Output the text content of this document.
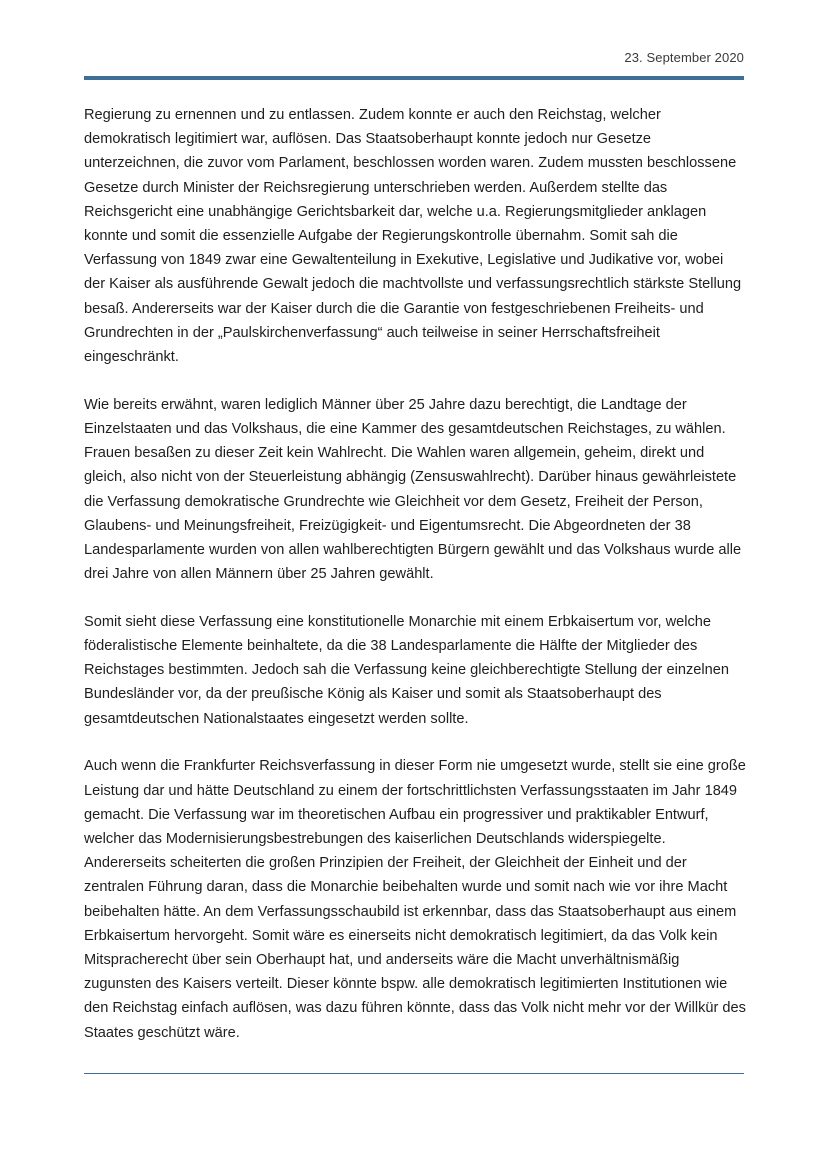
23. September 2020

Regierung zu ernennen und zu entlassen. Zudem konnte er auch den Reichstag, welcher demokratisch legitimiert war, auflösen. Das Staatsoberhaupt konnte jedoch nur Gesetze unterzeichnen, die zuvor vom Parlament, beschlossen worden waren. Zudem mussten beschlossene Gesetze durch Minister der Reichsregierung unterschrieben werden. Außerdem stellte das Reichsgericht eine unabhängige Gerichtsbarkeit dar, welche u.a. Regierungsmitglieder anklagen konnte und somit die essenzielle Aufgabe der Regierungskontrolle übernahm. Somit sah die Verfassung von 1849 zwar eine Gewaltenteilung in Exekutive, Legislative und Judikative vor, wobei der Kaiser als ausführende Gewalt jedoch die machtvollste und verfassungsrechtlich stärkste Stellung besaß. Andererseits war der Kaiser durch die die Garantie von festgeschriebenen Freiheits- und Grundrechten in der „Paulskirchenverfassung“ auch teilweise in seiner Herrschaftsfreiheit eingeschränkt.

Wie bereits erwähnt, waren lediglich Männer über 25 Jahre dazu berechtigt, die Landtage der Einzelstaaten und das Volkshaus, die eine Kammer des gesamtdeutschen Reichstages, zu wählen. Frauen besaßen zu dieser Zeit kein Wahlrecht. Die Wahlen waren allgemein, geheim, direkt und gleich, also nicht von der Steuerleistung abhängig (Zensuswahlrecht). Darüber hinaus gewährleistete die Verfassung demokratische Grundrechte wie Gleichheit vor dem Gesetz, Freiheit der Person, Glaubens- und Meinungsfreiheit, Freizügigkeit- und Eigentumsrecht. Die Abgeordneten der 38 Landesparlamente wurden von allen wahlberechtigten Bürgern gewählt und das Volkshaus wurde alle drei Jahre von allen Männern über 25 Jahren gewählt.

Somit sieht diese Verfassung eine konstitutionelle Monarchie mit einem Erbkaisertum vor, welche föderalistische Elemente beinhaltete, da die 38 Landesparlamente die Hälfte der Mitglieder des Reichstages bestimmten. Jedoch sah die Verfassung keine gleichberechtigte Stellung der einzelnen Bundesländer vor, da der preußische König als Kaiser und somit als Staatsoberhaupt des gesamtdeutschen Nationalstaates eingesetzt werden sollte.

Auch wenn die Frankfurter Reichsverfassung in dieser Form nie umgesetzt wurde, stellt sie eine große Leistung dar und hätte Deutschland zu einem der fortschrittlichsten Verfassungsstaaten im Jahr 1849 gemacht. Die Verfassung war im theoretischen Aufbau ein progressiver und praktikabler Entwurf, welcher das Modernisierungsbestrebungen des kaiserlichen Deutschlands widerspiegelte. Andererseits scheiterten die großen Prinzipien der Freiheit, der Gleichheit der Einheit und der zentralen Führung daran, dass die Monarchie beibehalten wurde und somit nach wie vor ihre Macht beibehalten hätte. An dem Verfassungsschaubild ist erkennbar, dass das Staatsoberhaupt aus einem Erbkaisertum hervorgeht. Somit wäre es einerseits nicht demokratisch legitimiert, da das Volk kein Mitspracherecht über sein Oberhaupt hat, und anderseits wäre die Macht unverhältnismäßig zugunsten des Kaisers verteilt. Dieser könnte bspw. alle demokratisch legitimierten Institutionen wie den Reichstag einfach auflösen, was dazu führen könnte, dass das Volk nicht mehr vor der Willkür des Staates geschützt wäre.
